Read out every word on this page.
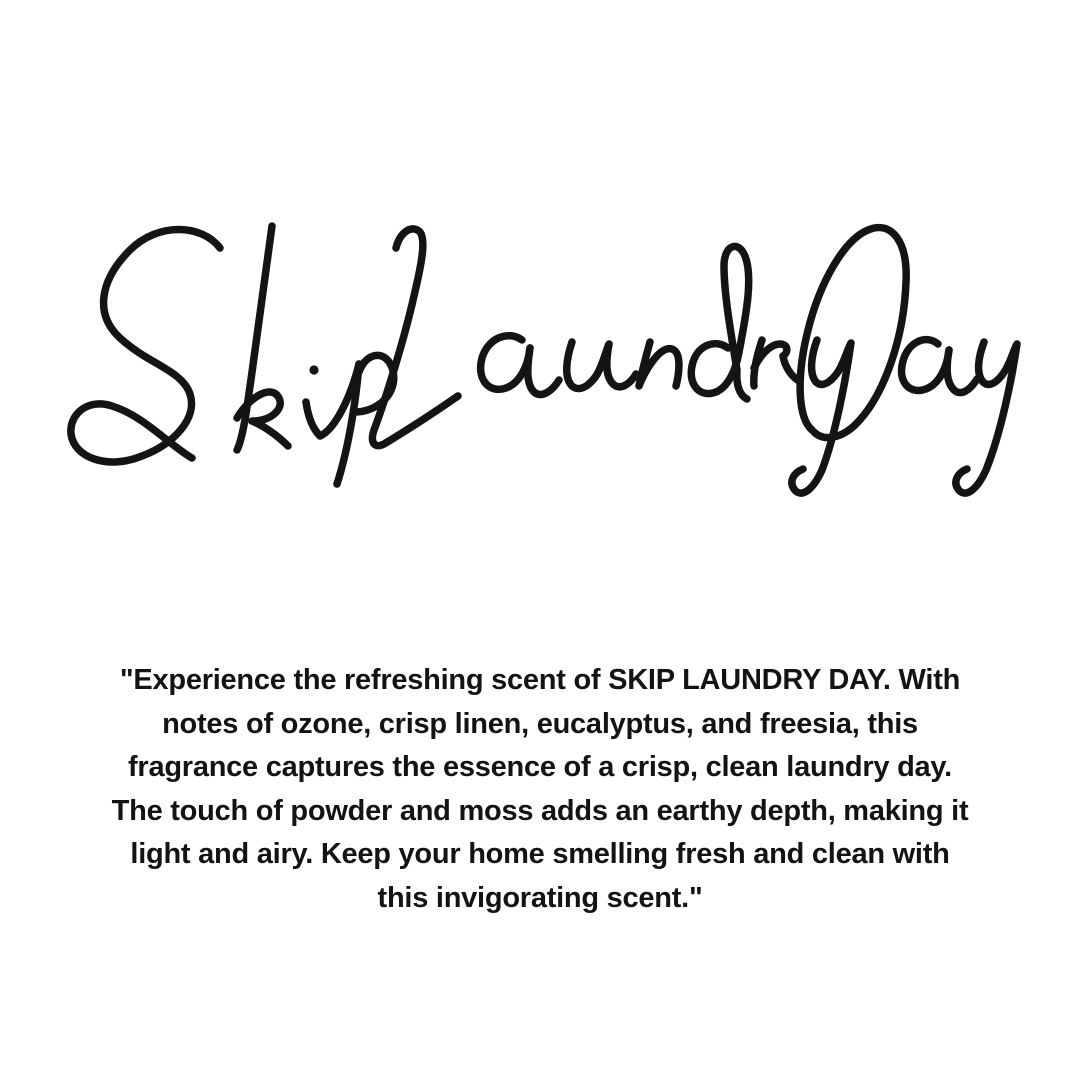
"Experience the refreshing scent of SKIP LAUNDRY DAY. With
notes of ozone, crisp linen, eucalyptus, and freesia, this
fragrance captures the essence of a crisp, clean laundry day.
The touch of powder and moss adds an earthy depth, making it
light and airy. Keep your home smelling fresh and clean with
this invigorating scent."
